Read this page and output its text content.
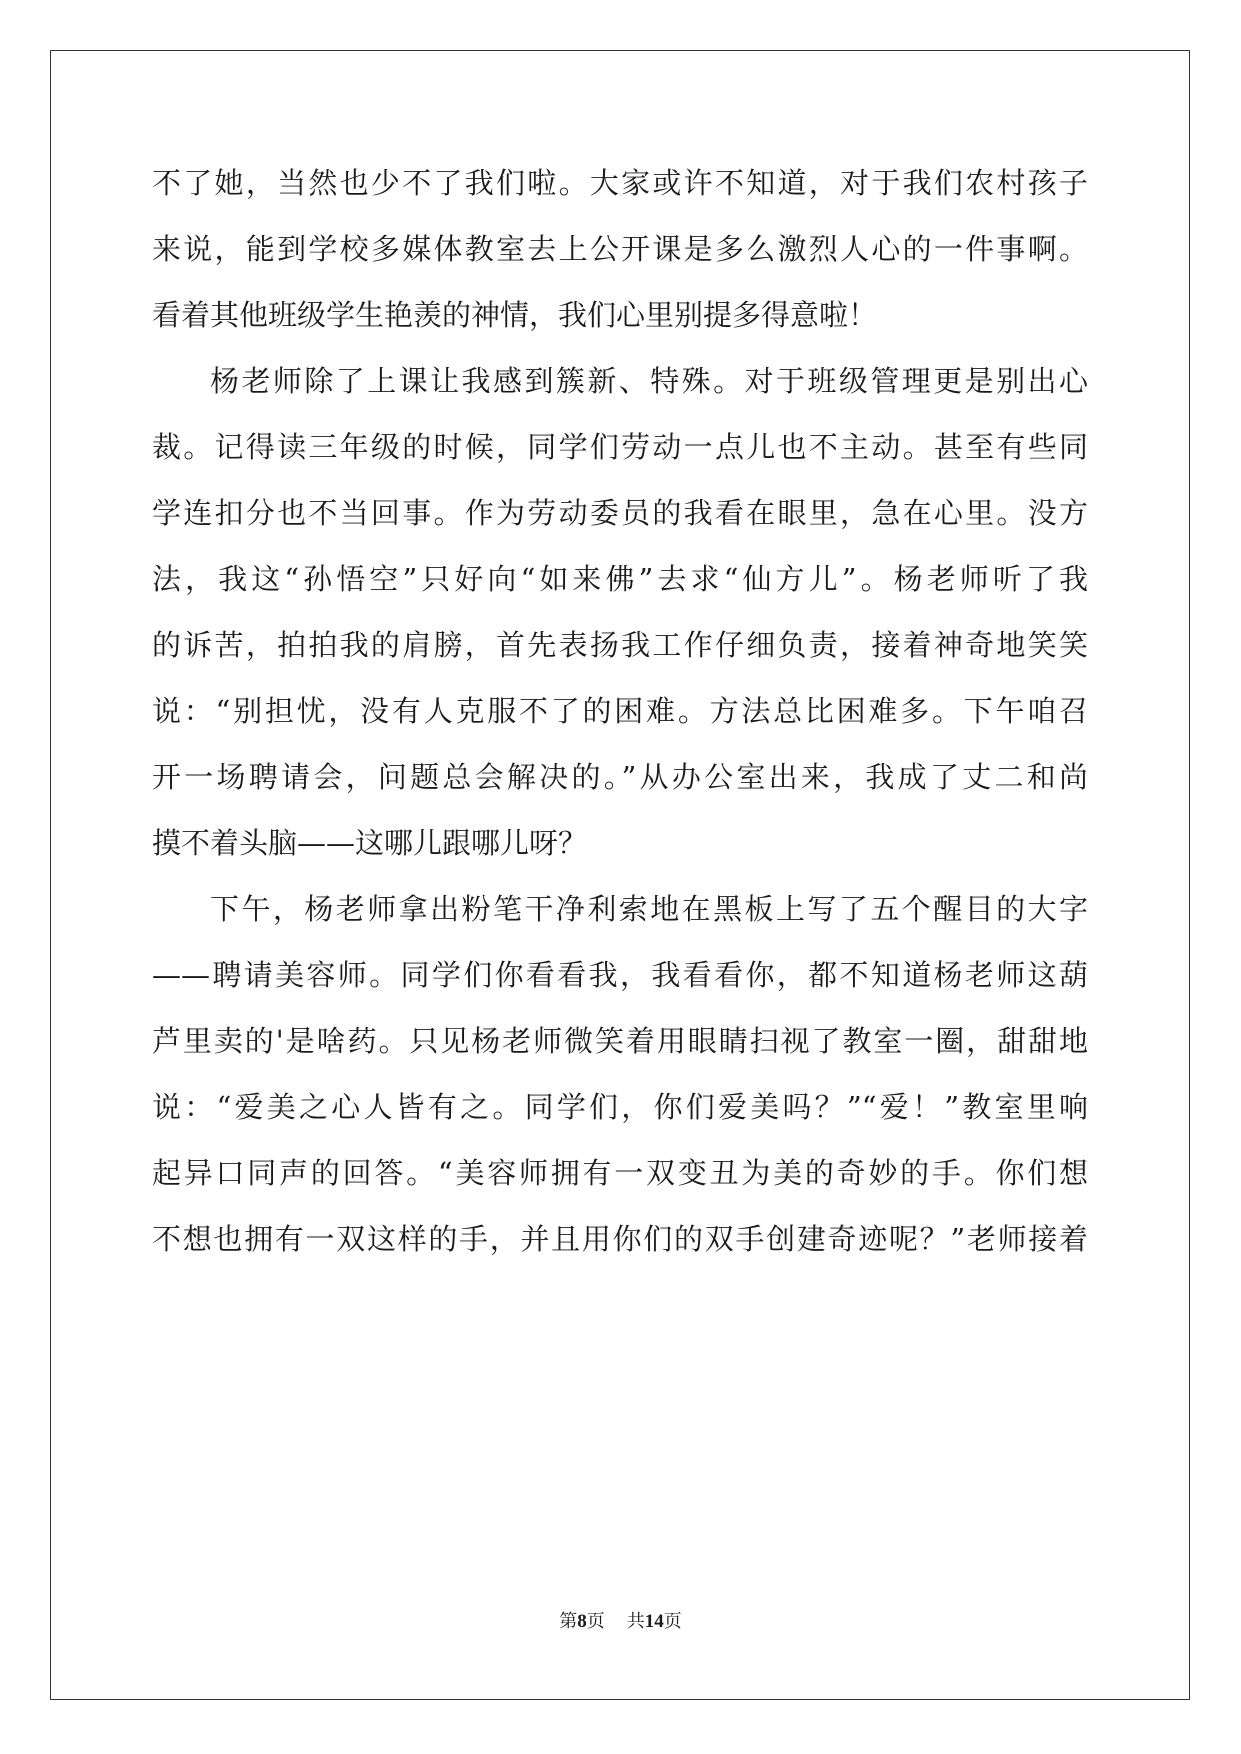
不了她，当然也少不了我们啦。大家或许不知道，对于我们农村孩子
来说，能到学校多媒体教室去上公开课是多么激烈人心的一件事啊。
看着其他班级学生艳羡的神情，我们心里别提多得意啦！
杨老师除了上课让我感到簇新、特殊。对于班级管理更是别出心
裁。记得读三年级的时候，同学们劳动一点儿也不主动。甚至有些同
学连扣分也不当回事。作为劳动委员的我看在眼里，急在心里。没方
法，我这“孙悟空”只好向“如来佛”去求“仙方儿”。杨老师听了我
的诉苦，拍拍我的肩膀，首先表扬我工作仔细负责，接着神奇地笑笑
说：“别担忧，没有人克服不了的困难。方法总比困难多。下午咱召
开一场聘请会，问题总会解决的。”从办公室出来，我成了丈二和尚
摸不着头脑——这哪儿跟哪儿呀？
下午，杨老师拿出粉笔干净利索地在黑板上写了五个醒目的大字
——聘请美容师。同学们你看看我，我看看你，都不知道杨老师这葫
芦里卖的'是啥药。只见杨老师微笑着用眼睛扫视了教室一圈，甜甜地
说：“爱美之心人皆有之。同学们，你们爱美吗？”“爱！”教室里响
起异口同声的回答。“美容师拥有一双变丑为美的奇妙的手。你们想
不想也拥有一双这样的手，并且用你们的双手创建奇迹呢？”老师接着
第8页 共14页
